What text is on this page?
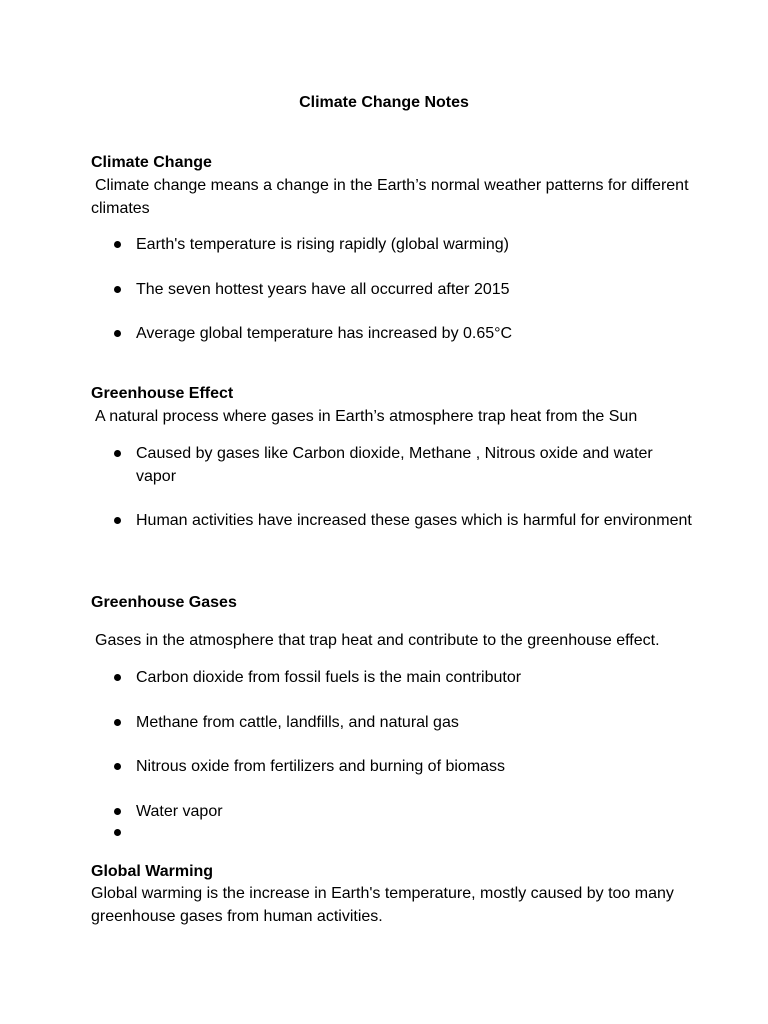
Climate Change Notes
Climate Change
Climate change means a change in the Earth’s normal weather patterns for different climates
Earth's temperature is rising rapidly (global warming)
The seven hottest years have all occurred after 2015
Average global temperature has increased by 0.65°C
Greenhouse Effect
A natural process where gases in Earth’s atmosphere trap heat from the Sun
Caused by gases like Carbon dioxide, Methane , Nitrous oxide and water vapor
Human activities have increased these gases which is harmful for environment
Greenhouse Gases
Gases in the atmosphere that trap heat and contribute to the greenhouse effect.
Carbon dioxide from fossil fuels is the main contributor
Methane from cattle, landfills, and natural gas
Nitrous oxide from fertilizers and burning of biomass
Water vapor
Global Warming
Global warming is the increase in Earth's temperature, mostly caused by too many greenhouse gases from human activities.
